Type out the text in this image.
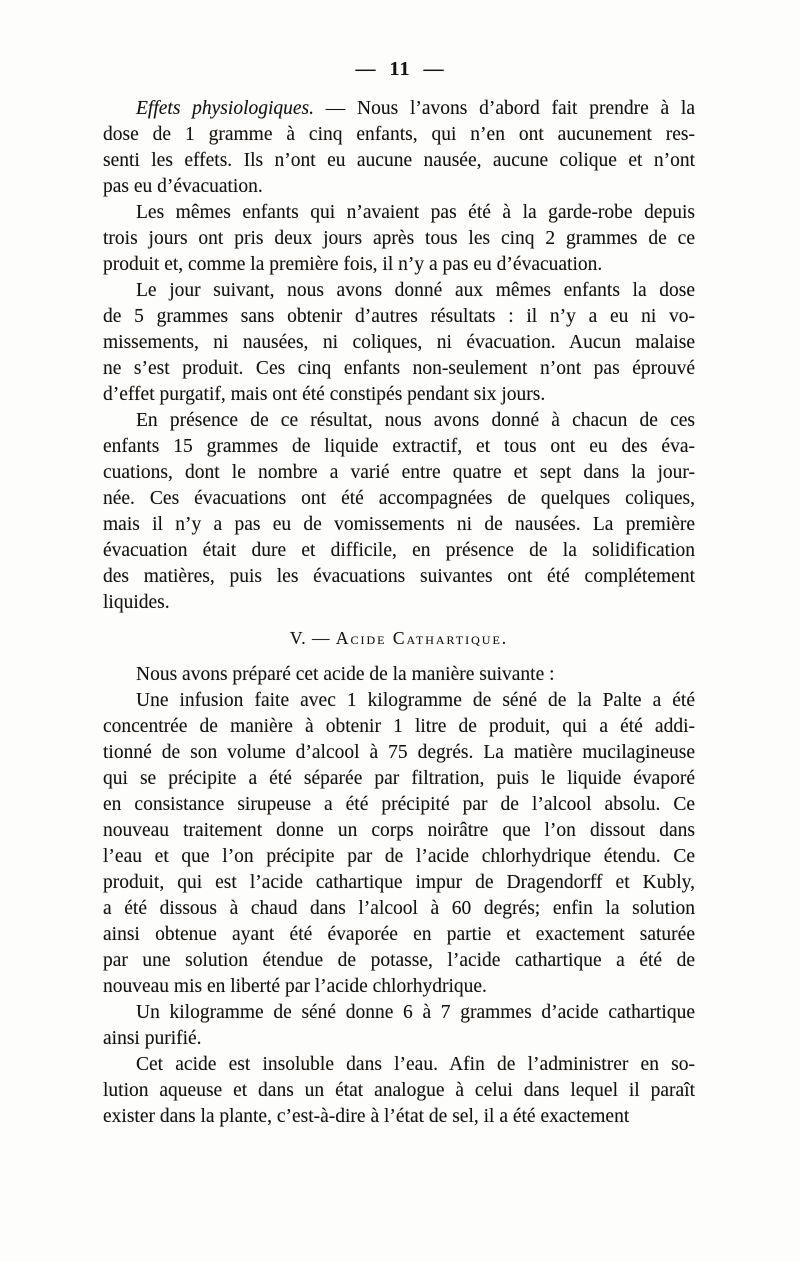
— 11 —
Effets physiologiques. — Nous l’avons d’abord fait prendre à la
dose de 1 gramme à cinq enfants, qui n’en ont aucunement res-
senti les effets. Ils n’ont eu aucune nausée, aucune colique et n’ont
pas eu d’évacuation.
Les mêmes enfants qui n’avaient pas été à la garde-robe depuis
trois jours ont pris deux jours après tous les cinq 2 grammes de ce
produit et, comme la première fois, il n’y a pas eu d’évacuation.
Le jour suivant, nous avons donné aux mêmes enfants la dose
de 5 grammes sans obtenir d’autres résultats : il n’y a eu ni vo-
missements, ni nausées, ni coliques, ni évacuation. Aucun malaise
ne s’est produit. Ces cinq enfants non-seulement n’ont pas éprouvé
d’effet purgatif, mais ont été constipés pendant six jours.
En présence de ce résultat, nous avons donné à chacun de ces
enfants 15 grammes de liquide extractif, et tous ont eu des éva-
cuations, dont le nombre a varié entre quatre et sept dans la jour-
née. Ces évacuations ont été accompagnées de quelques coliques,
mais il n’y a pas eu de vomissements ni de nausées. La première
évacuation était dure et difficile, en présence de la solidification
des matières, puis les évacuations suivantes ont été complétement
liquides.
V. — Acide Cathartique.
Nous avons préparé cet acide de la manière suivante :
Une infusion faite avec 1 kilogramme de séné de la Palte a été
concentrée de manière à obtenir 1 litre de produit, qui a été addi-
tionné de son volume d’alcool à 75 degrés. La matière mucilagineuse
qui se précipite a été séparée par filtration, puis le liquide évaporé
en consistance sirupeuse a été précipité par de l’alcool absolu. Ce
nouveau traitement donne un corps noirâtre que l’on dissout dans
l’eau et que l’on précipite par de l’acide chlorhydrique étendu. Ce
produit, qui est l’acide cathartique impur de Dragendorff et Kubly,
a été dissous à chaud dans l’alcool à 60 degrés; enfin la solution
ainsi obtenue ayant été évaporée en partie et exactement saturée
par une solution étendue de potasse, l’acide cathartique a été de
nouveau mis en liberté par l’acide chlorhydrique.
Un kilogramme de séné donne 6 à 7 grammes d’acide cathartique
ainsi purifié.
Cet acide est insoluble dans l’eau. Afin de l’administrer en so-
lution aqueuse et dans un état analogue à celui dans lequel il paraît
exister dans la plante, c’est-à-dire à l’état de sel, il a été exactement
